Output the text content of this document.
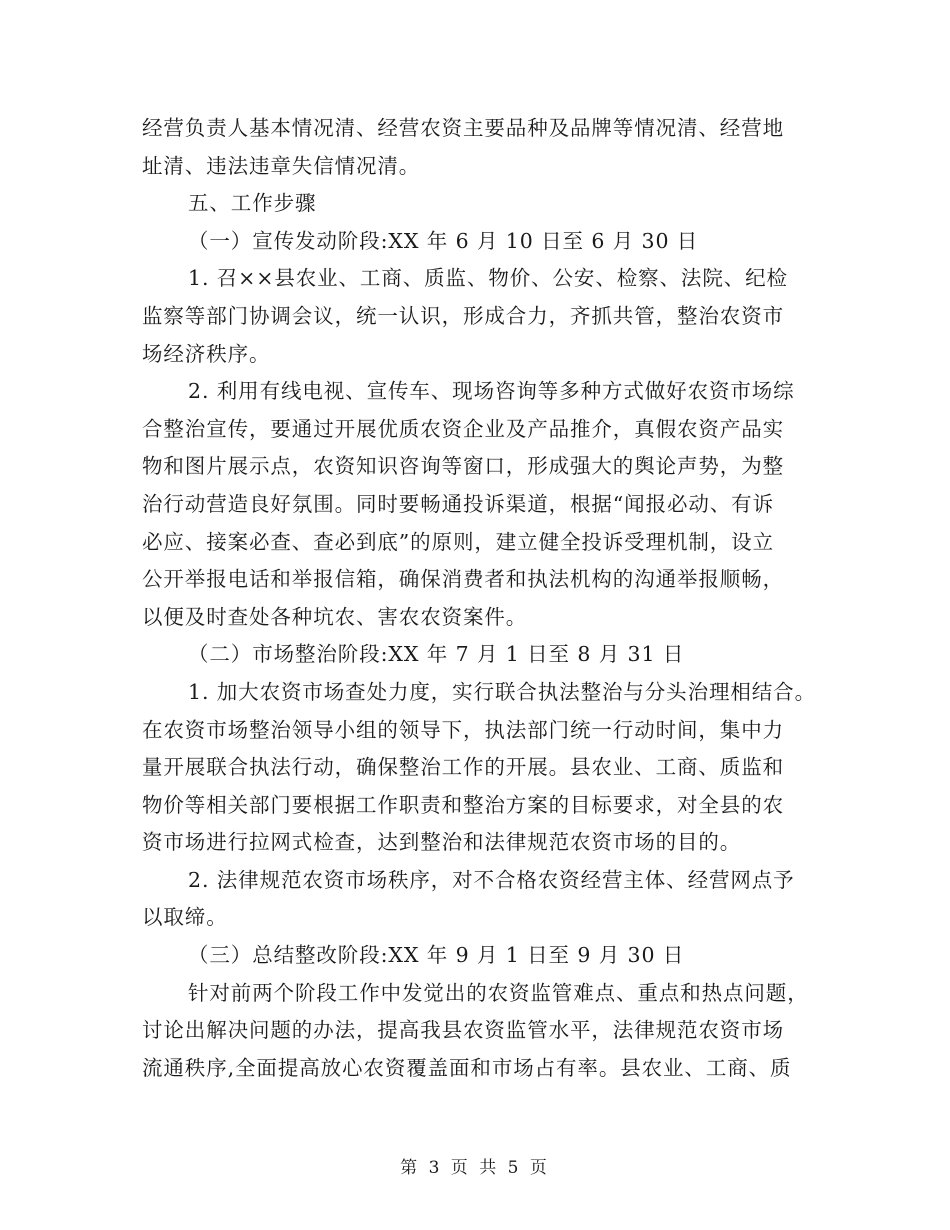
经营负责人基本情况清、经营农资主要品种及品牌等情况清、经营地
址清、违法违章失信情况清。
五、工作步骤
（一）宣传发动阶段:XX 年 6 月 10 日至 6 月 30 日
1. 召××县农业、工商、质监、物价、公安、检察、法院、纪检
监察等部门协调会议，统一认识，形成合力，齐抓共管，整治农资市
场经济秩序。
2. 利用有线电视、宣传车、现场咨询等多种方式做好农资市场综
合整治宣传，要通过开展优质农资企业及产品推介，真假农资产品实
物和图片展示点，农资知识咨询等窗口，形成强大的舆论声势，为整
治行动营造良好氛围。同时要畅通投诉渠道，根据“闻报必动、有诉
必应、接案必查、查必到底”的原则，建立健全投诉受理机制，设立
公开举报电话和举报信箱，确保消费者和执法机构的沟通举报顺畅，
以便及时查处各种坑农、害农农资案件。
（二）市场整治阶段:XX 年 7 月 1 日至 8 月 31 日
1. 加大农资市场查处力度，实行联合执法整治与分头治理相结合。
在农资市场整治领导小组的领导下，执法部门统一行动时间，集中力
量开展联合执法行动，确保整治工作的开展。县农业、工商、质监和
物价等相关部门要根据工作职责和整治方案的目标要求，对全县的农
资市场进行拉网式检查，达到整治和法律规范农资市场的目的。
2. 法律规范农资市场秩序，对不合格农资经营主体、经营网点予
以取缔。
（三）总结整改阶段:XX 年 9 月 1 日至 9 月 30 日
针对前两个阶段工作中发觉出的农资监管难点、重点和热点问题，
讨论出解决问题的办法，提高我县农资监管水平，法律规范农资市场
流通秩序,全面提高放心农资覆盖面和市场占有率。县农业、工商、质
第 3 页 共 5 页
